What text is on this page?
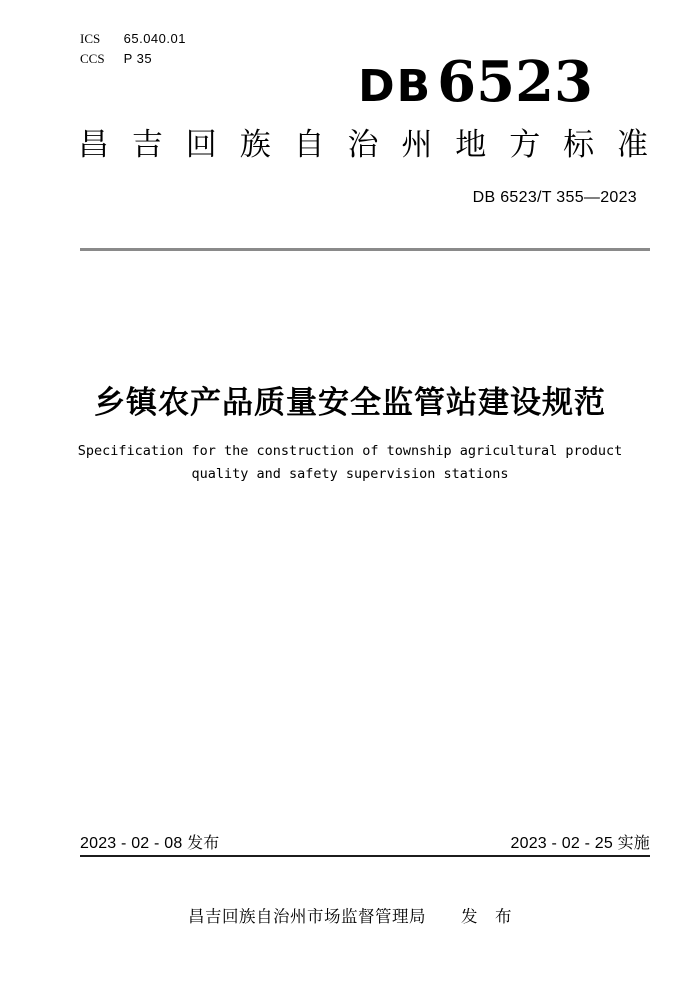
ICS 65.040.01
CCS P 35
DB 6523
昌吉回族自治州地方标准
DB 6523/T 355—2023
乡镇农产品质量安全监管站建设规范
Specification for the construction of township agricultural product
quality and safety supervision stations
2023 - 02 - 08 发布	2023 - 02 - 25 实施
昌吉回族自治州市场监督管理局 发　布
